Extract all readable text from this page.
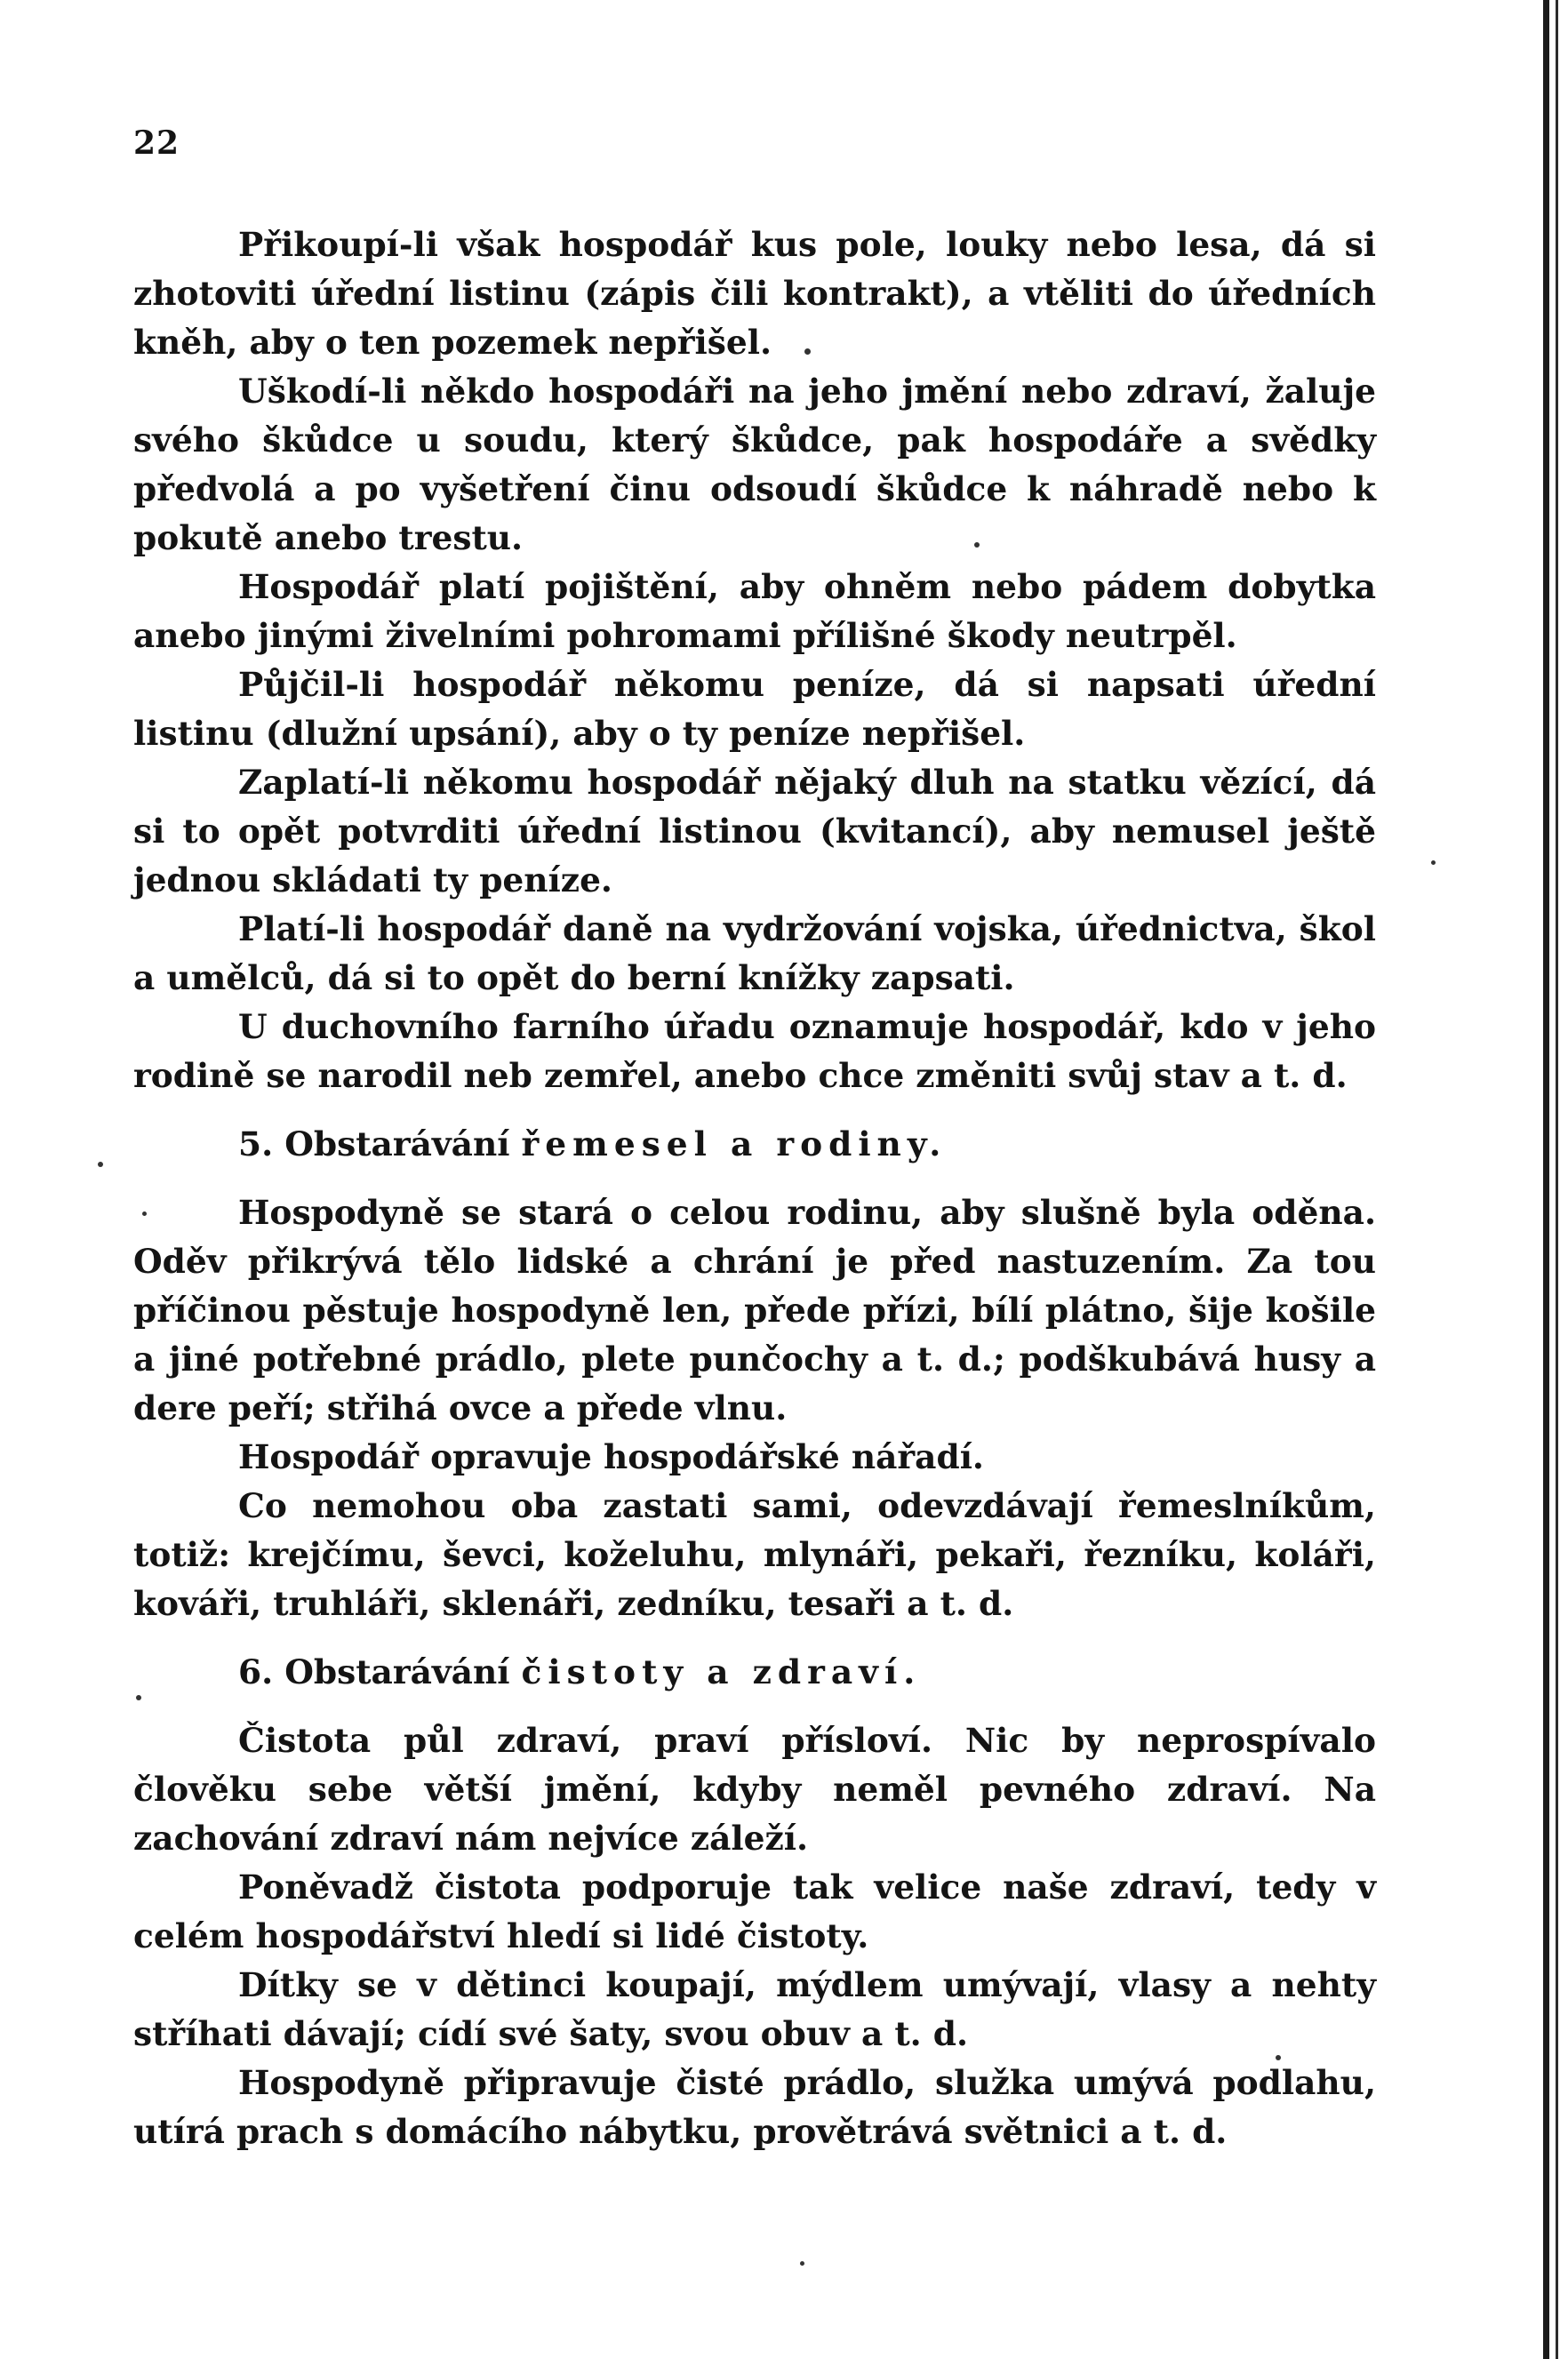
22

Přikoupí-li však hospodář kus pole, louky nebo lesa, dá si zhotoviti úřední listinu (zápis čili kontrakt), a vtěliti do úředních kněh, aby o ten pozemek nepřišel.

Uškodí-li někdo hospodáři na jeho jmění nebo zdraví, žaluje svého škůdce u soudu, který škůdce, pak hospodáře a svědky předvolá a po vyšetření činu odsoudí škůdce k náhradě nebo k pokutě anebo trestu.

Hospodář platí pojištění, aby ohněm nebo pádem dobytka anebo jinými živelními pohromami přílišné škody neutrpěl.

Půjčil-li hospodář někomu peníze, dá si napsati úřední listinu (dlužní upsání), aby o ty peníze nepřišel.

Zaplatí-li někomu hospodář nějaký dluh na statku vězící, dá si to opět potvrditi úřední listinou (kvitancí), aby nemusel ještě jednou skládati ty peníze.

Platí-li hospodář daně na vydržování vojska, úřednictva, škol a umělců, dá si to opět do berní knížky zapsati.

U duchovního farního úřadu oznamuje hospodář, kdo v jeho rodině se narodil neb zemřel, anebo chce změniti svůj stav a t. d.

5. Obstarávání řemesel a rodiny.

Hospodyně se stará o celou rodinu, aby slušně byla oděna. Oděv přikrývá tělo lidské a chrání je před nastuzením. Za tou příčinou pěstuje hospodyně len, přede přízi, bílí plátno, šije košile a jiné potřebné prádlo, plete punčochy a t. d.; podškubává husy a dere peří; střihá ovce a přede vlnu.

Hospodář opravuje hospodářské nářadí.

Co nemohou oba zastati sami, odevzdávají řemeslníkům, totiž: krejčímu, ševci, koželuhu, mlynáři, pekaři, řezníku, koláři, kováři, truhláři, sklenáři, zedníku, tesaři a t. d.

6. Obstarávání čistoty a zdraví.

Čistota půl zdraví, praví přísloví. Nic by neprospívalo člověku sebe větší jmění, kdyby neměl pevného zdraví. Na zachování zdraví nám nejvíce záleží.

Poněvadž čistota podporuje tak velice naše zdraví, tedy v celém hospodářství hledí si lidé čistoty.

Dítky se v dětinci koupají, mýdlem umývají, vlasy a nehty stříhati dávají; cídí své šaty, svou obuv a t. d.

Hospodyně připravuje čisté prádlo, služka umývá podlahu, utírá prach s domácího nábytku, provětrává světnici a t. d.
